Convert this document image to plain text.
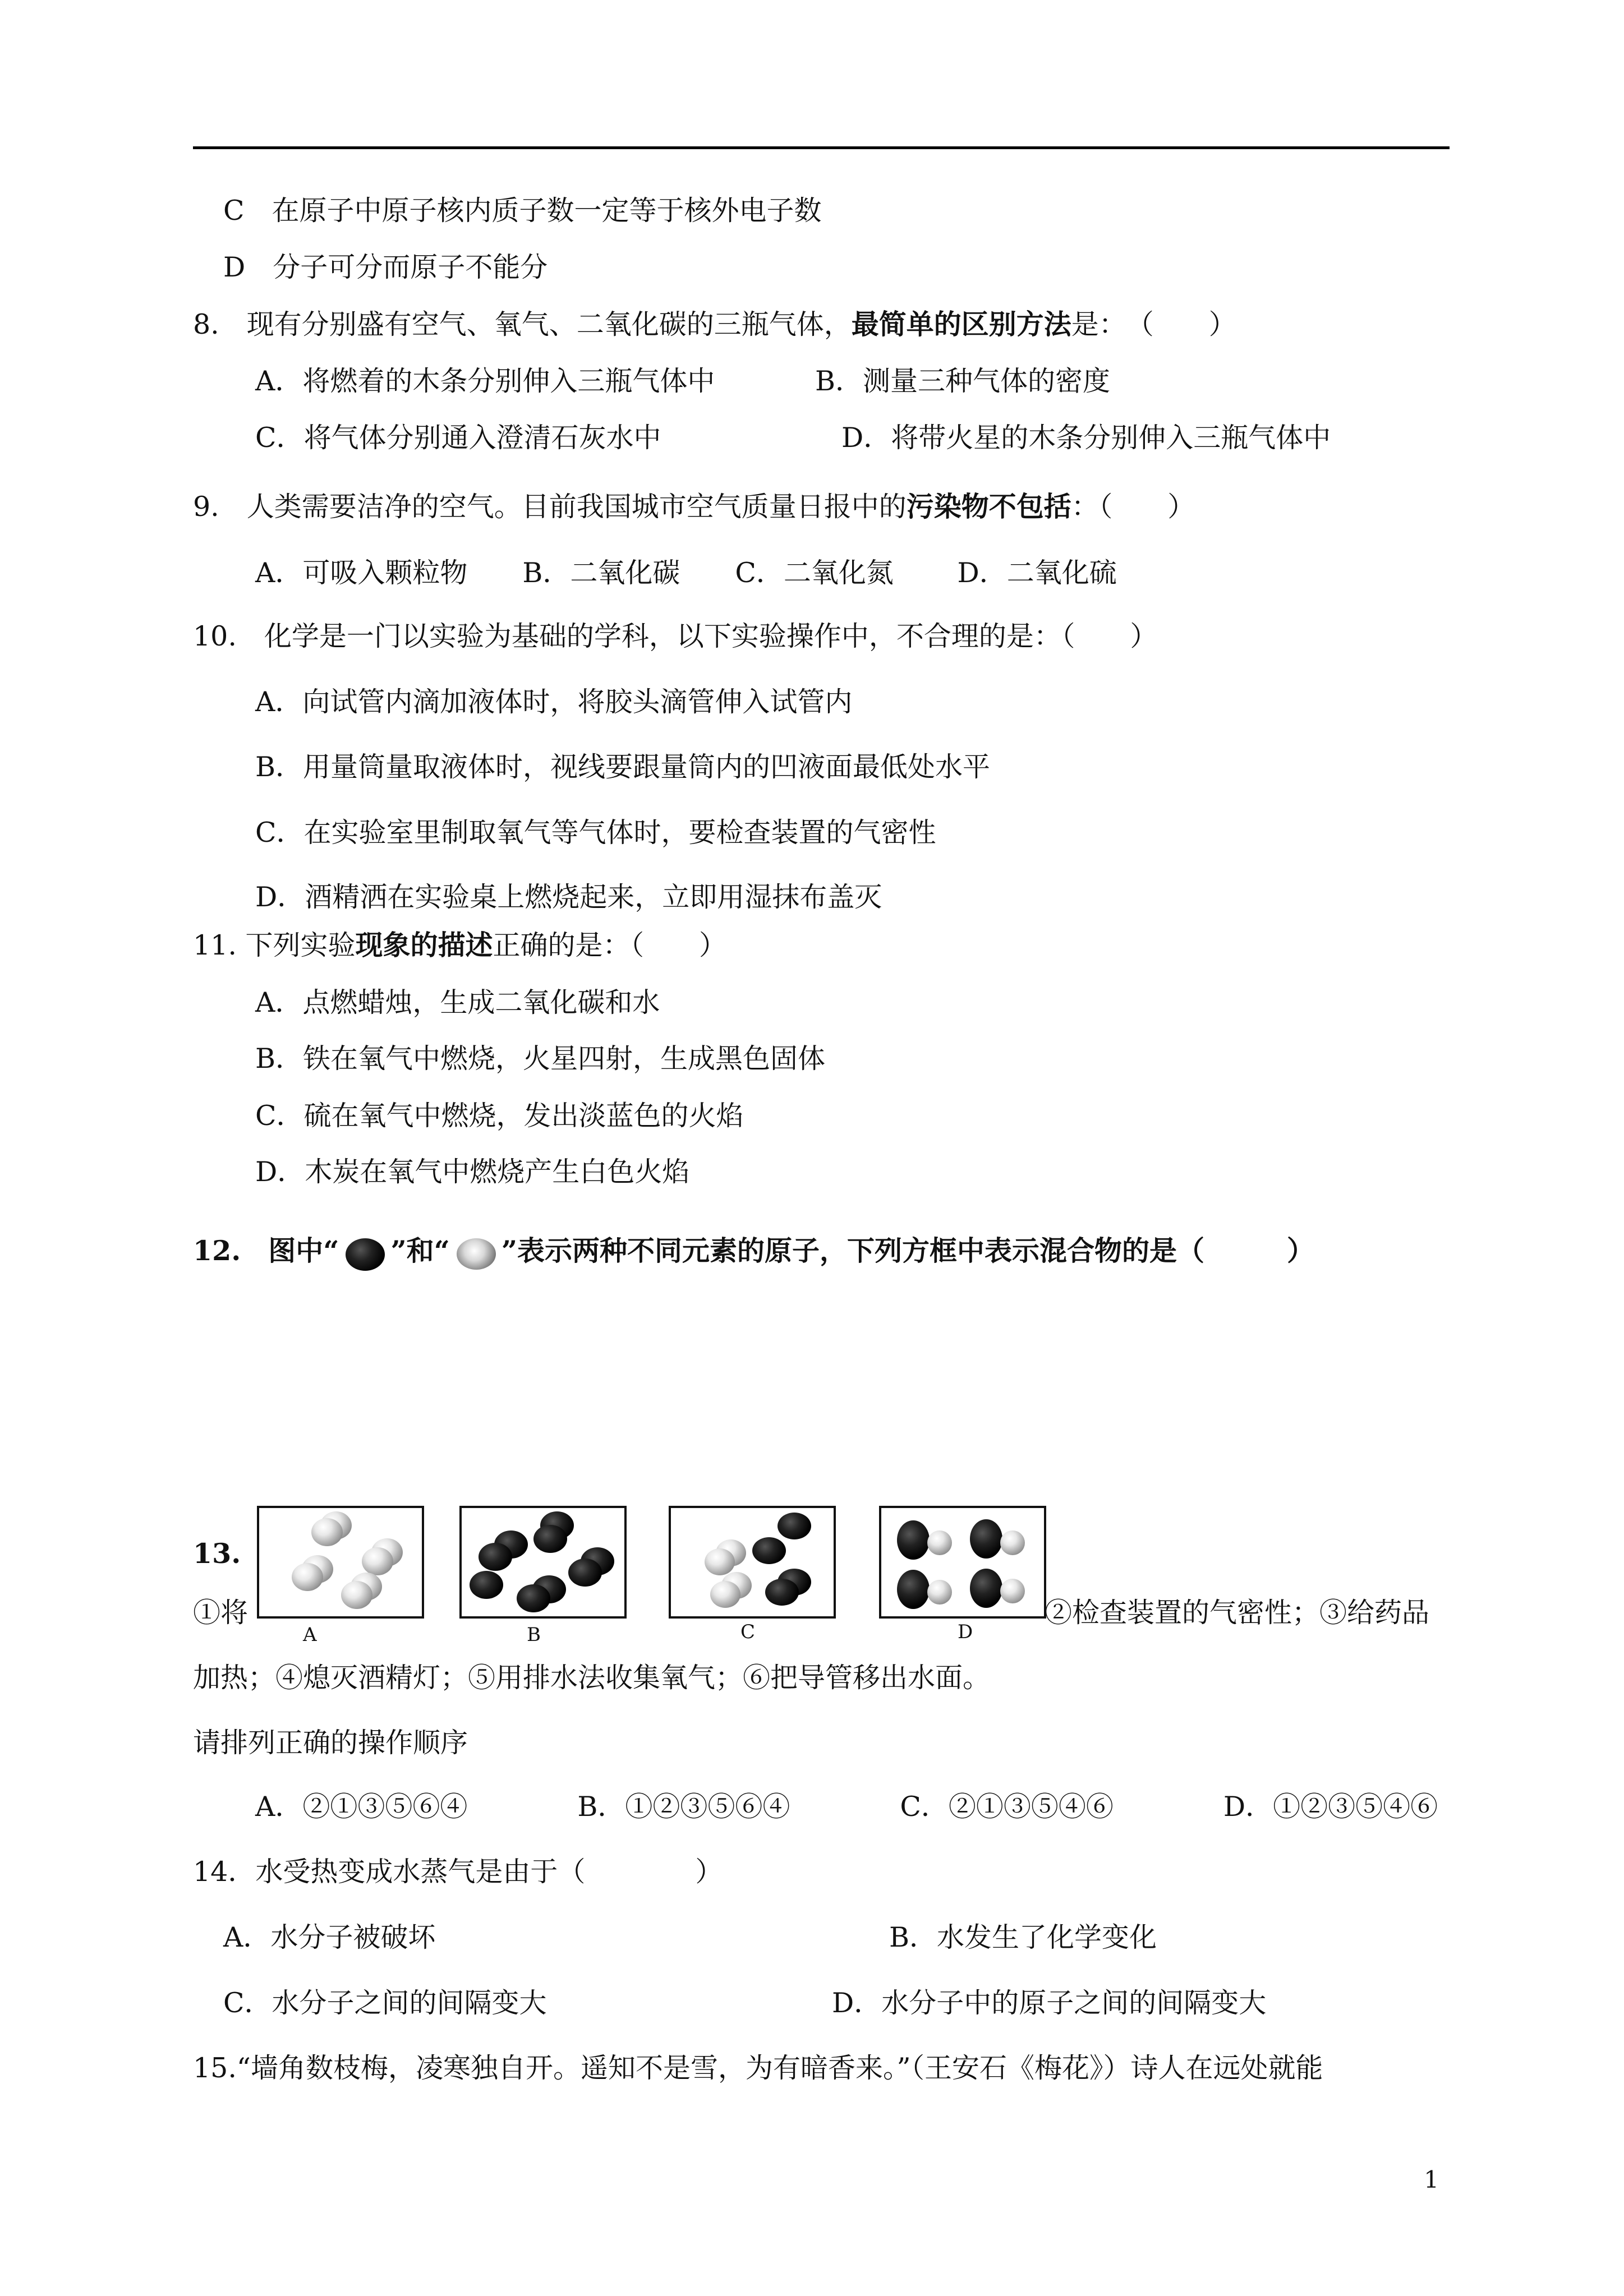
C　在原子中原子核内质子数一定等于核外电子数
D　分子可分而原子不能分
8.　现有分别盛有空气、氧气、二氧化碳的三瓶气体，最简单的区别方法是：　（　　）
A．将燃着的木条分别伸入三瓶气体中	B．测量三种气体的密度
C．将气体分别通入澄清石灰水中	D．将带火星的木条分别伸入三瓶气体中
9.　人类需要洁净的空气。目前我国城市空气质量日报中的污染物不包括：（　　）
A．可吸入颗粒物　　B．二氧化碳　　C．二氧化氮　　 D．二氧化硫
10.　化学是一门以实验为基础的学科，以下实验操作中，不合理的是：（　　）
A．向试管内滴加液体时，将胶头滴管伸入试管内
B．用量筒量取液体时，视线要跟量筒内的凹液面最低处水平
C．在实验室里制取氧气等气体时，要检查装置的气密性
D．酒精洒在实验桌上燃烧起来，立即用湿抹布盖灭
11. 下列实验现象的描述正确的是：（　　）
A．点燃蜡烛，生成二氧化碳和水
B．铁在氧气中燃烧，火星四射，生成黑色固体
C．硫在氧气中燃烧，发出淡蓝色的火焰
D．木炭在氧气中燃烧产生白色火焰
12.　图中“ ”和“ ”表示两种不同元素的原子，下列方框中表示混合物的是（　　　）
A	B	C	D
13.
①将	②检查装置的气密性；③给药品
加热；④熄灭酒精灯；⑤用排水法收集氧气；⑥把导管移出水面。
请排列正确的操作顺序
A．②①③⑤⑥④　　　　B．①②③⑤⑥④　　　　C．②①③⑤④⑥　　　　D．①②③⑤④⑥
14．水受热变成水蒸气是由于（　　　　）
A．水分子被破坏	B．水发生了化学变化
C．水分子之间的间隔变大	D．水分子中的原子之间的间隔变大
15.“墙角数枝梅，凌寒独自开。遥知不是雪，为有暗香来。”（王安石《梅花》）诗人在远处就能
1
